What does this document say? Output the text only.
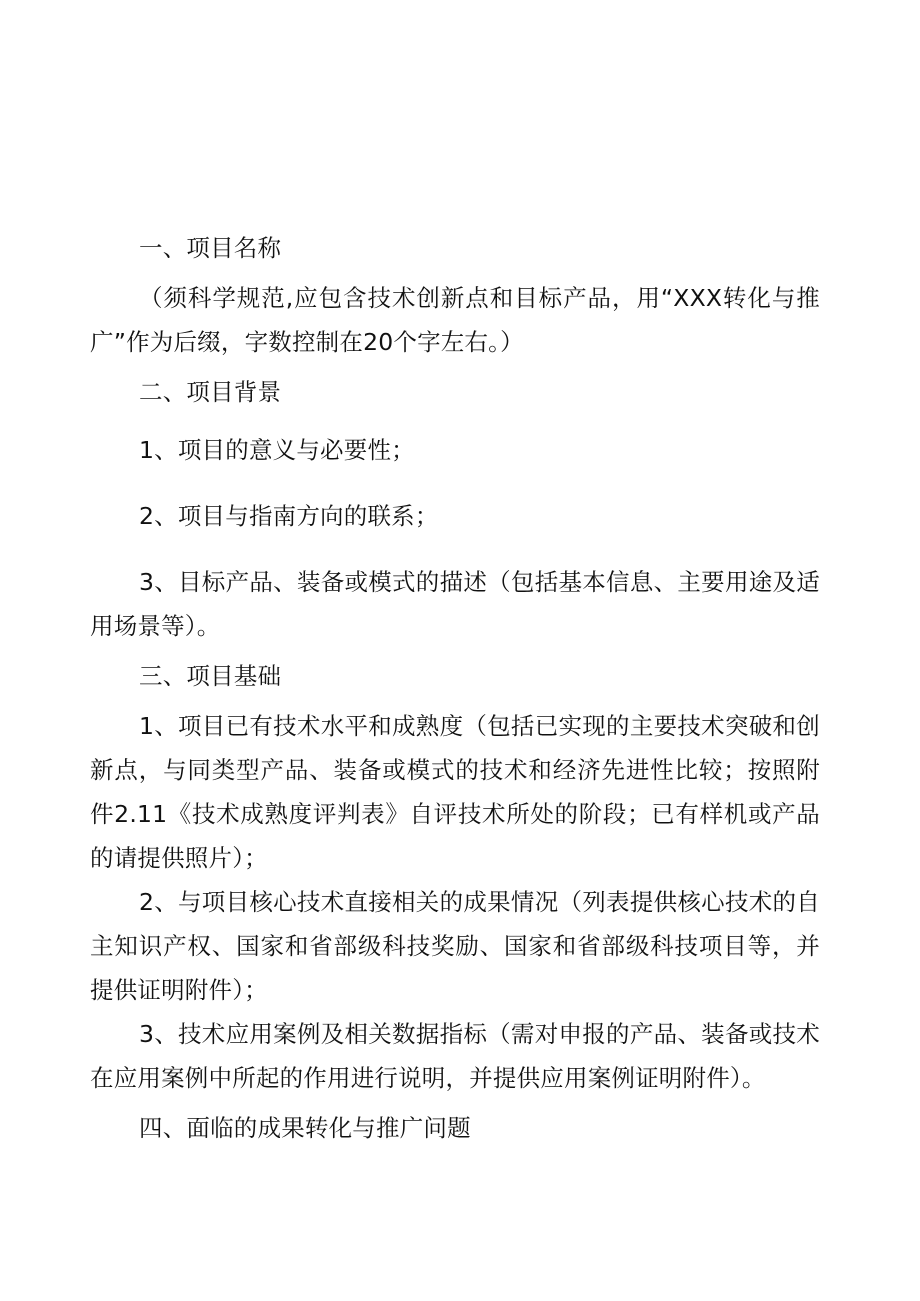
一、项目名称

（须科学规范,应包含技术创新点和目标产品，用“XXX转化与推广”作为后缀，字数控制在20个字左右。）

二、项目背景

1、项目的意义与必要性；

2、项目与指南方向的联系；

3、目标产品、装备或模式的描述（包括基本信息、主要用途及适用场景等）。

三、项目基础

1、项目已有技术水平和成熟度（包括已实现的主要技术突破和创新点，与同类型产品、装备或模式的技术和经济先进性比较；按照附件2.11《技术成熟度评判表》自评技术所处的阶段；已有样机或产品的请提供照片）；

2、与项目核心技术直接相关的成果情况（列表提供核心技术的自主知识产权、国家和省部级科技奖励、国家和省部级科技项目等，并提供证明附件）；

3、技术应用案例及相关数据指标（需对申报的产品、装备或技术在应用案例中所起的作用进行说明，并提供应用案例证明附件）。

四、面临的成果转化与推广问题
